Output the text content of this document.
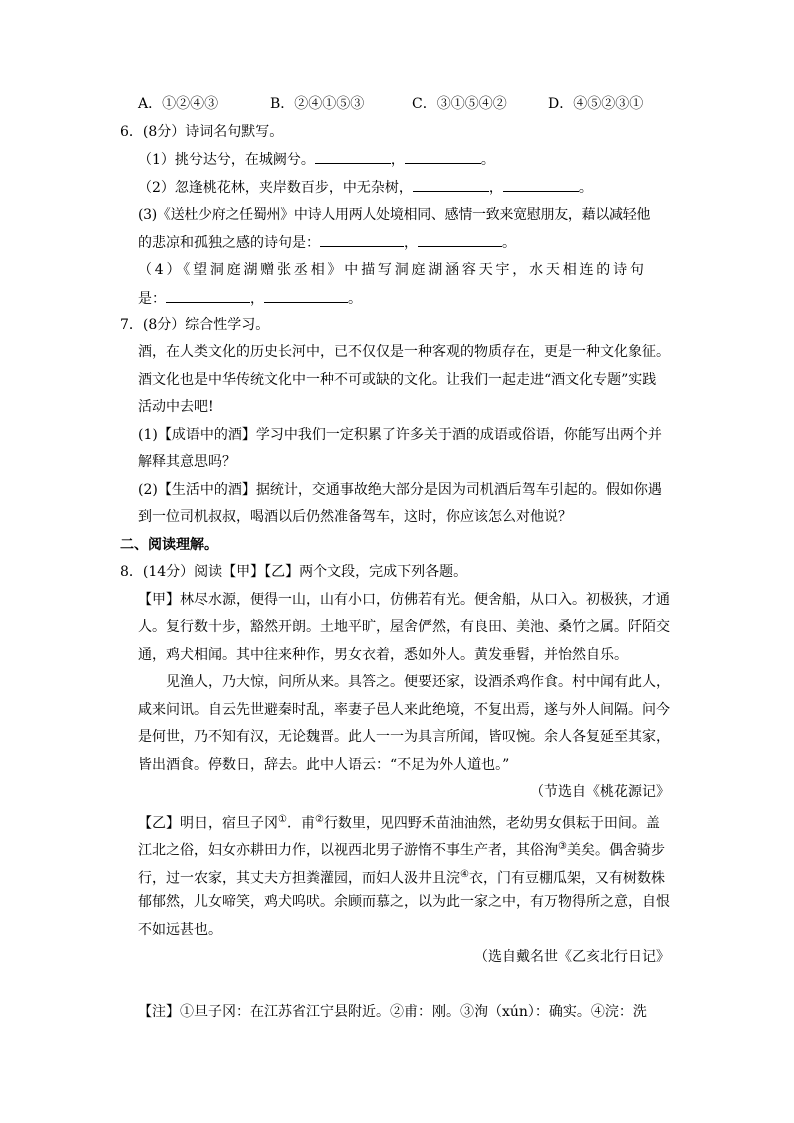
A．①②④③	B．②④①⑤③	C．③①⑤④②	D．④⑤②③①
6．(8分）诗词名句默写。
（1）挑兮达兮，在城阙兮。	，	。
（2）忽逢桃花林，夹岸数百步，中无杂树，	，	。
(3)《送杜少府之任蜀州》中诗人用两人处境相同、感情一致来宽慰朋友，藉以减轻他
的悲凉和孤独之感的诗句是：	，	。
（4）《望洞庭湖赠张丞相》中描写洞庭湖涵容天宇，水天相连的诗句
是：	，	。
7．(8分）综合性学习。
酒，在人类文化的历史长河中，已不仅仅是一种客观的物质存在，更是一种文化象征。
酒文化也是中华传统文化中一种不可或缺的文化。让我们一起走进“酒文化专题”实践
活动中去吧!
(1)【成语中的酒】学习中我们一定积累了许多关于酒的成语或俗语，你能写出两个并
解释其意思吗？
(2)【生活中的酒】据统计，交通事故绝大部分是因为司机酒后驾车引起的。假如你遇
到一位司机叔叔，喝酒以后仍然准备驾车，这时，你应该怎么对他说？
二、阅读理解。
8．(14分）阅读【甲】【乙】两个文段，完成下列各题。
【甲】林尽水源，便得一山，山有小口，仿佛若有光。便舍船，从口入。初极狭，才通
人。复行数十步，豁然开朗。土地平旷，屋舍俨然，有良田、美池、桑竹之属。阡陌交
通，鸡犬相闻。其中往来种作，男女衣着，悉如外人。黄发垂髫，并怡然自乐。
见渔人，乃大惊，问所从来。具答之。便要还家，设酒杀鸡作食。村中闻有此人，
咸来问讯。自云先世避秦时乱，率妻子邑人来此绝境，不复出焉，遂与外人间隔。问今
是何世，乃不知有汉，无论魏晋。此人一一为具言所闻，皆叹惋。余人各复延至其家，
皆出酒食。停数日，辞去。此中人语云：“不足为外人道也。”
（节选自《桃花源记》
【乙】明日，宿旦子冈①．甫②行数里，见四野禾苗油油然，老幼男女俱耘于田间。盖
江北之俗，妇女亦耕田力作，以视西北男子游惰不事生产者，其俗洵③美矣。偶舍骑步
行，过一农家，其丈夫方担粪灌园，而妇人汲井且浣④衣，门有豆棚瓜架，又有树数株
郁郁然，儿女啼笑，鸡犬呜吠。余顾而慕之，以为此一家之中，有万物得所之意，自恨
不如远甚也。
（选自戴名世《乙亥北行日记》
【注】①旦子冈：在江苏省江宁县附近。②甫：刚。③洵（xún）：确实。④浣：洗
